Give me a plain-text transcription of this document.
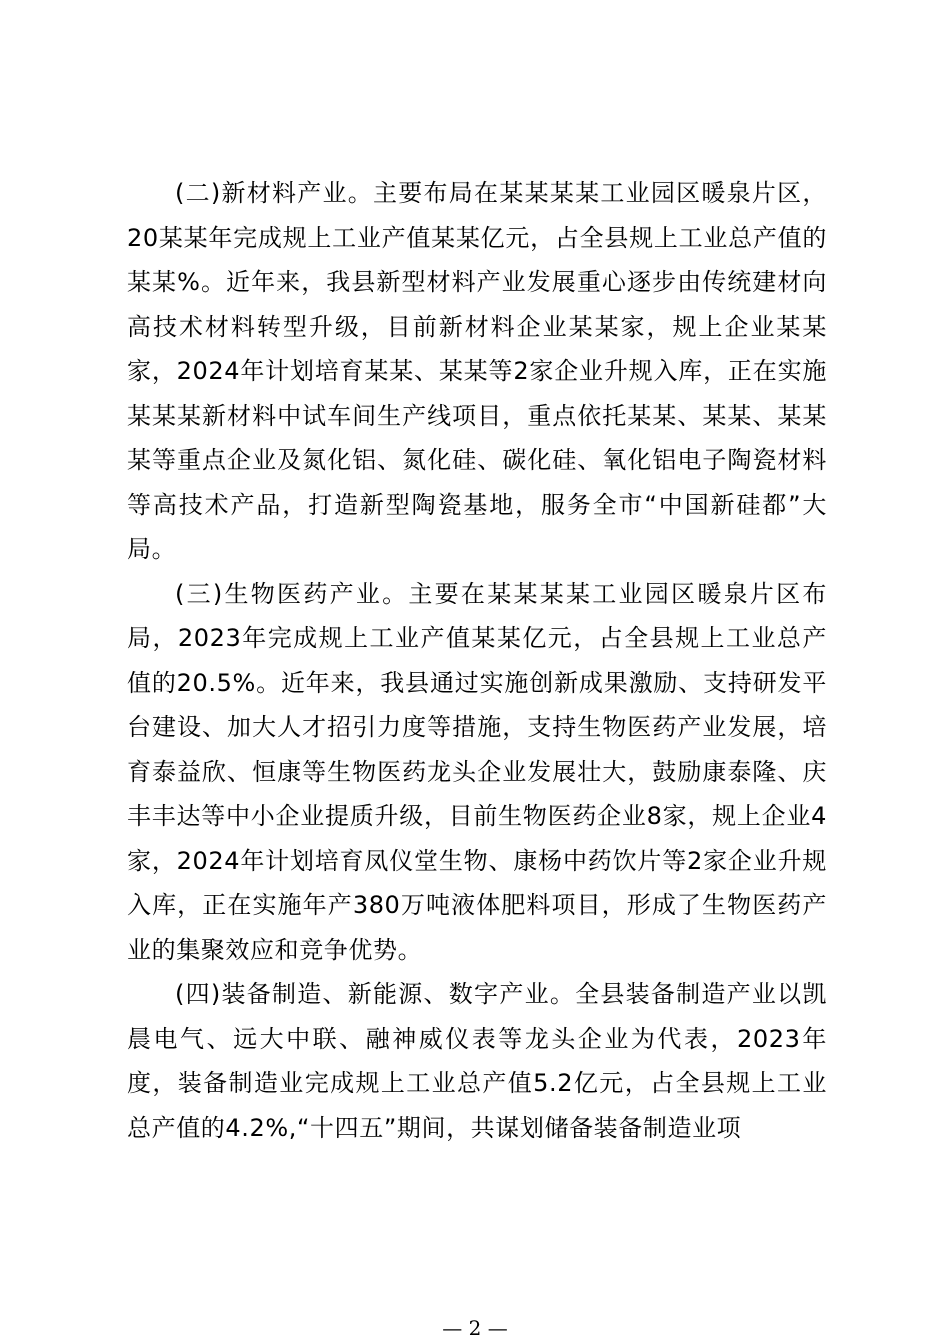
(二)新材料产业。主要布局在某某某某工业园区暖泉片区，20某某年完成规上工业产值某某亿元，占全县规上工业总产值的某某%。近年来，我县新型材料产业发展重心逐步由传统建材向高技术材料转型升级，目前新材料企业某某家，规上企业某某家，2024年计划培育某某、某某等2家企业升规入库，正在实施某某某新材料中试车间生产线项目，重点依托某某、某某、某某某等重点企业及氮化铝、氮化硅、碳化硅、氧化铝电子陶瓷材料等高技术产品，打造新型陶瓷基地，服务全市“中国新硅都”大局。

(三)生物医药产业。主要在某某某某工业园区暖泉片区布局，2023年完成规上工业产值某某亿元，占全县规上工业总产值的20.5%。近年来，我县通过实施创新成果激励、支持研发平台建设、加大人才招引力度等措施，支持生物医药产业发展，培育泰益欣、恒康等生物医药龙头企业发展壮大，鼓励康泰隆、庆丰丰达等中小企业提质升级，目前生物医药企业8家，规上企业4家，2024年计划培育凤仪堂生物、康杨中药饮片等2家企业升规入库，正在实施年产380万吨液体肥料项目，形成了生物医药产业的集聚效应和竞争优势。

(四)装备制造、新能源、数字产业。全县装备制造产业以凯晨电气、远大中联、融神威仪表等龙头企业为代表，2023年度，装备制造业完成规上工业总产值5.2亿元，占全县规上工业总产值的4.2%,“十四五”期间，共谋划储备装备制造业项

— 2 —
